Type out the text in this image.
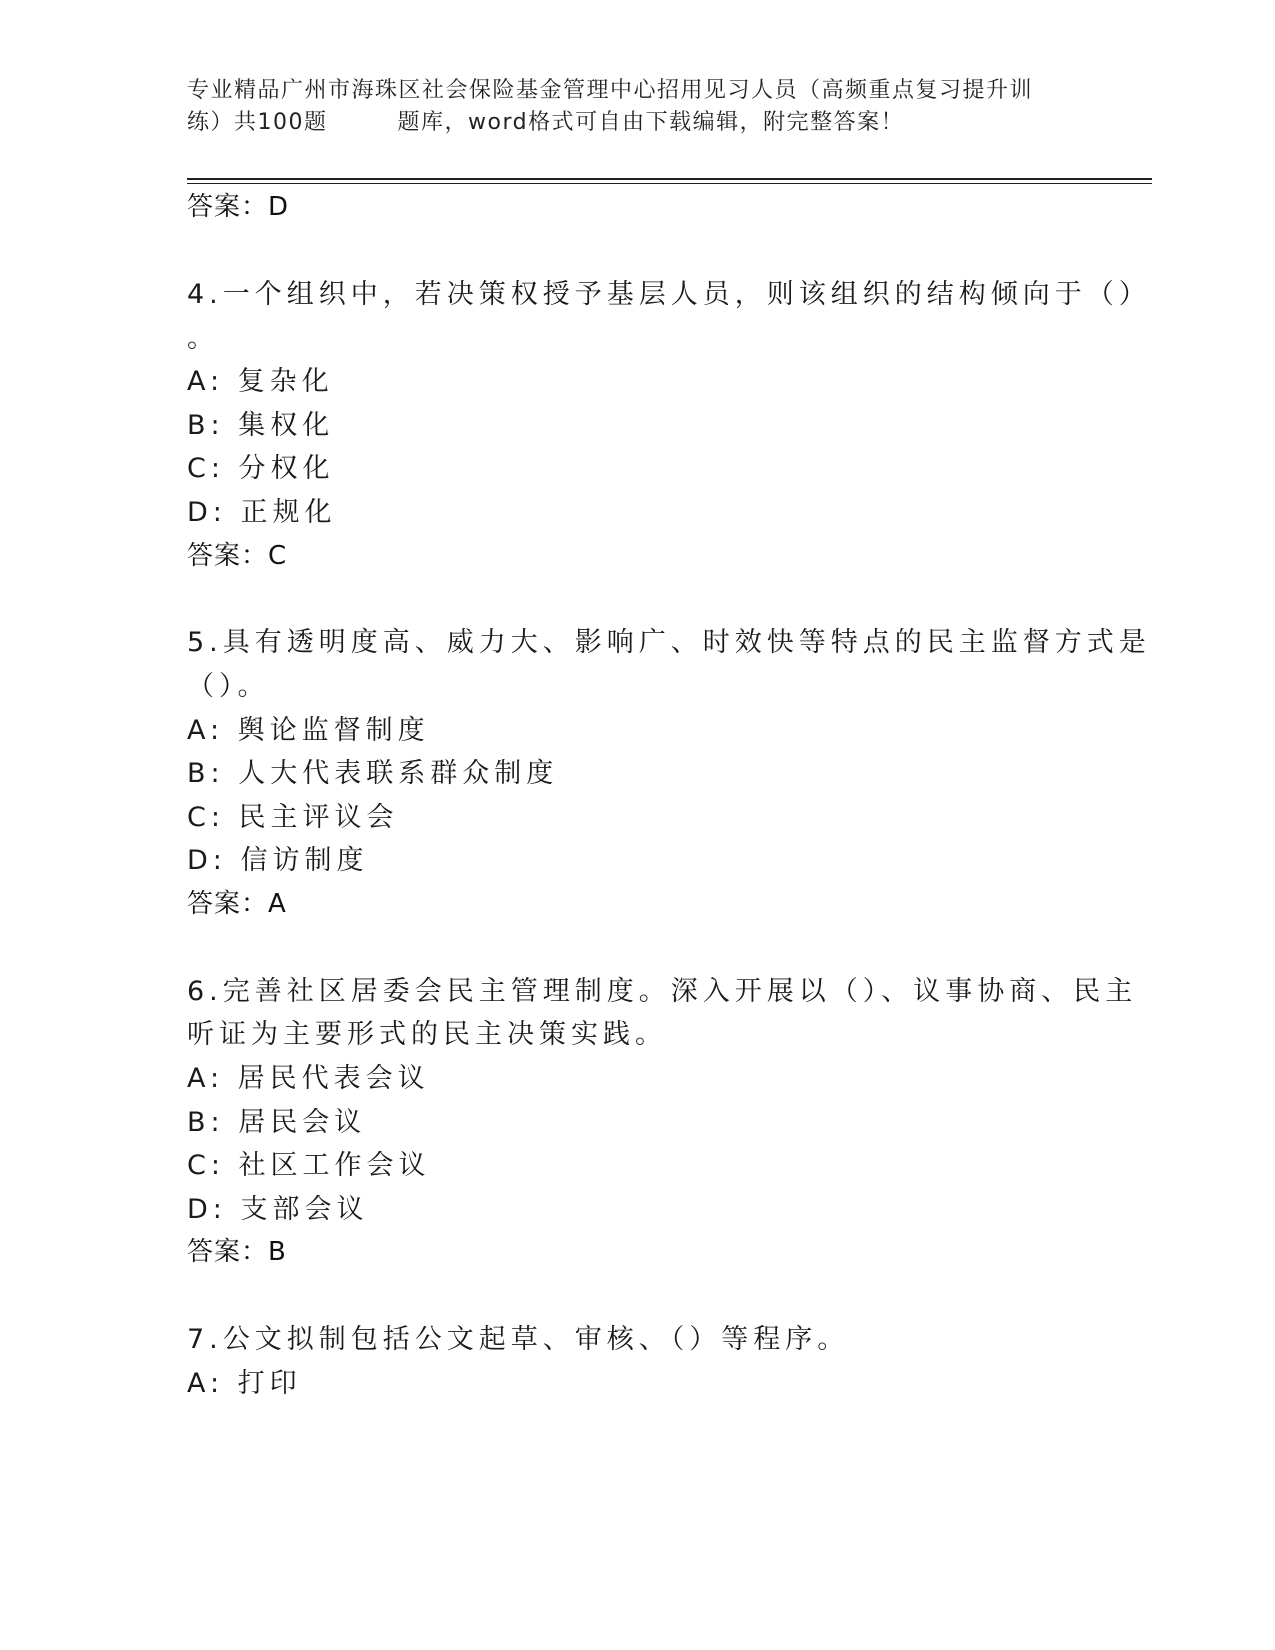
专业精品广州市海珠区社会保险基金管理中心招用见习人员（高频重点复习提升训
练）共100题	题库，word格式可自由下载编辑，附完整答案！
答案：D
4.一个组织中，若决策权授予基层人员，则该组织的结构倾向于（）
。
A: 复杂化
B: 集权化
C: 分权化
D: 正规化
答案：C
5.具有透明度高、威力大、影响广、时效快等特点的民主监督方式是
（）。
A: 舆论监督制度
B: 人大代表联系群众制度
C: 民主评议会
D: 信访制度
答案：A
6.完善社区居委会民主管理制度。深入开展以（）、议事协商、民主
听证为主要形式的民主决策实践。
A: 居民代表会议
B: 居民会议
C: 社区工作会议
D: 支部会议
答案：B
7.公文拟制包括公文起草、审核、（）等程序。
A: 打印
